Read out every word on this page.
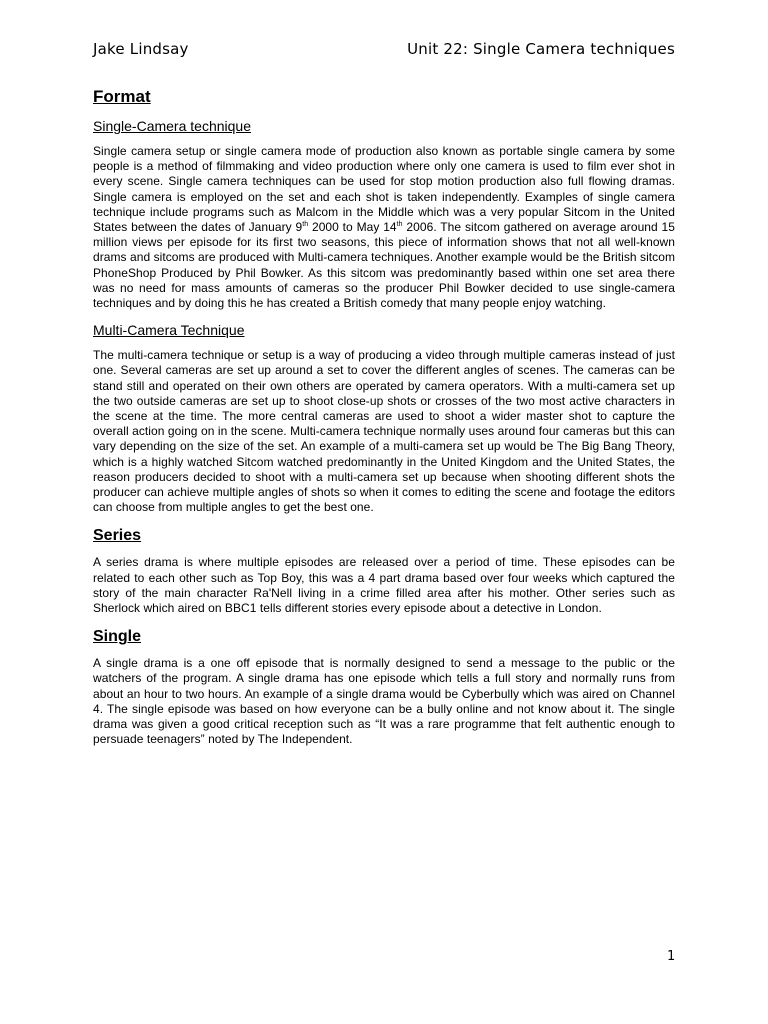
Jake Lindsay	Unit 22: Single Camera techniques
Format
Single-Camera technique

Single camera setup or single camera mode of production also known as portable single camera by some people is a method of filmmaking and video production where only one camera is used to film ever shot in every scene. Single camera techniques can be used for stop motion production also full flowing dramas. Single camera is employed on the set and each shot is taken independently. Examples of single camera technique include programs such as Malcom in the Middle which was a very popular Sitcom in the United States between the dates of January 9th 2000 to May 14th 2006. The sitcom gathered on average around 15 million views per episode for its first two seasons, this piece of information shows that not all well-known drams and sitcoms are produced with Multi-camera techniques. Another example would be the British sitcom PhoneShop Produced by Phil Bowker. As this sitcom was predominantly based within one set area there was no need for mass amounts of cameras so the producer Phil Bowker decided to use single-camera techniques and by doing this he has created a British comedy that many people enjoy watching.

Multi-Camera Technique

The multi-camera technique or setup is a way of producing a video through multiple cameras instead of just one. Several cameras are set up around a set to cover the different angles of scenes. The cameras can be stand still and operated on their own others are operated by camera operators. With a multi-camera set up the two outside cameras are set up to shoot close-up shots or crosses of the two most active characters in the scene at the time. The more central cameras are used to shoot a wider master shot to capture the overall action going on in the scene. Multi-camera technique normally uses around four cameras but this can vary depending on the size of the set. An example of a multi-camera set up would be The Big Bang Theory, which is a highly watched Sitcom watched predominantly in the United Kingdom and the United States, the reason producers decided to shoot with a multi-camera set up because when shooting different shots the producer can achieve multiple angles of shots so when it comes to editing the scene and footage the editors can choose from multiple angles to get the best one.

Series

A series drama is where multiple episodes are released over a period of time. These episodes can be related to each other such as Top Boy, this was a 4 part drama based over four weeks which captured the story of the main character Ra'Nell living in a crime filled area after his mother. Other series such as Sherlock which aired on BBC1 tells different stories every episode about a detective in London.

Single

A single drama is a one off episode that is normally designed to send a message to the public or the watchers of the program. A single drama has one episode which tells a full story and normally runs from about an hour to two hours. An example of a single drama would be Cyberbully which was aired on Channel 4. The single episode was based on how everyone can be a bully online and not know about it. The single drama was given a good critical reception such as “It was a rare programme that felt authentic enough to persuade teenagers” noted by The Independent.

1
